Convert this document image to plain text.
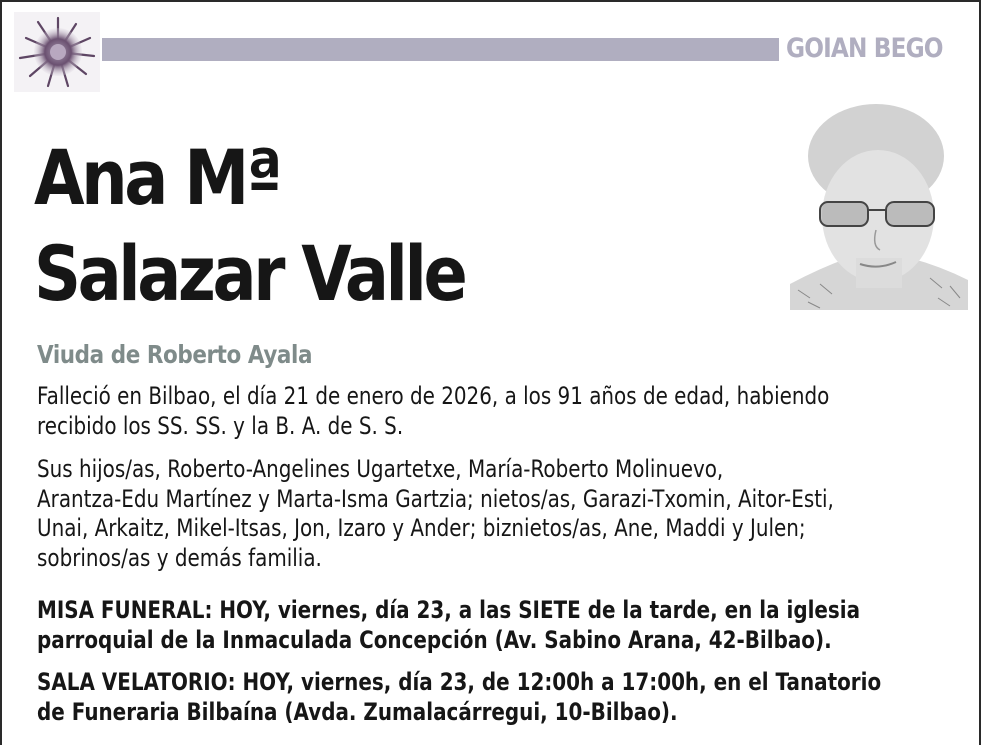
GOIAN BEGO
Ana Mª
Salazar Valle
Viuda de Roberto Ayala
Falleció en Bilbao, el día 21 de enero de 2026, a los 91 años de edad, habiendo
recibido los SS. SS. y la B. A. de S. S.
Sus hijos/as, Roberto-Angelines Ugartetxe, María-Roberto Molinuevo,
Arantza-Edu Martínez y Marta-Isma Gartzia; nietos/as, Garazi-Txomin, Aitor-Esti,
Unai, Arkaitz, Mikel-Itsas, Jon, Izaro y Ander; biznietos/as, Ane, Maddi y Julen;
sobrinos/as y demás familia.
MISA FUNERAL: HOY, viernes, día 23, a las SIETE de la tarde, en la iglesia
parroquial de la Inmaculada Concepción (Av. Sabino Arana, 42-Bilbao).
SALA VELATORIO: HOY, viernes, día 23, de 12:00h a 17:00h, en el Tanatorio
de Funeraria Bilbaína (Avda. Zumalacárregui, 10-Bilbao).
